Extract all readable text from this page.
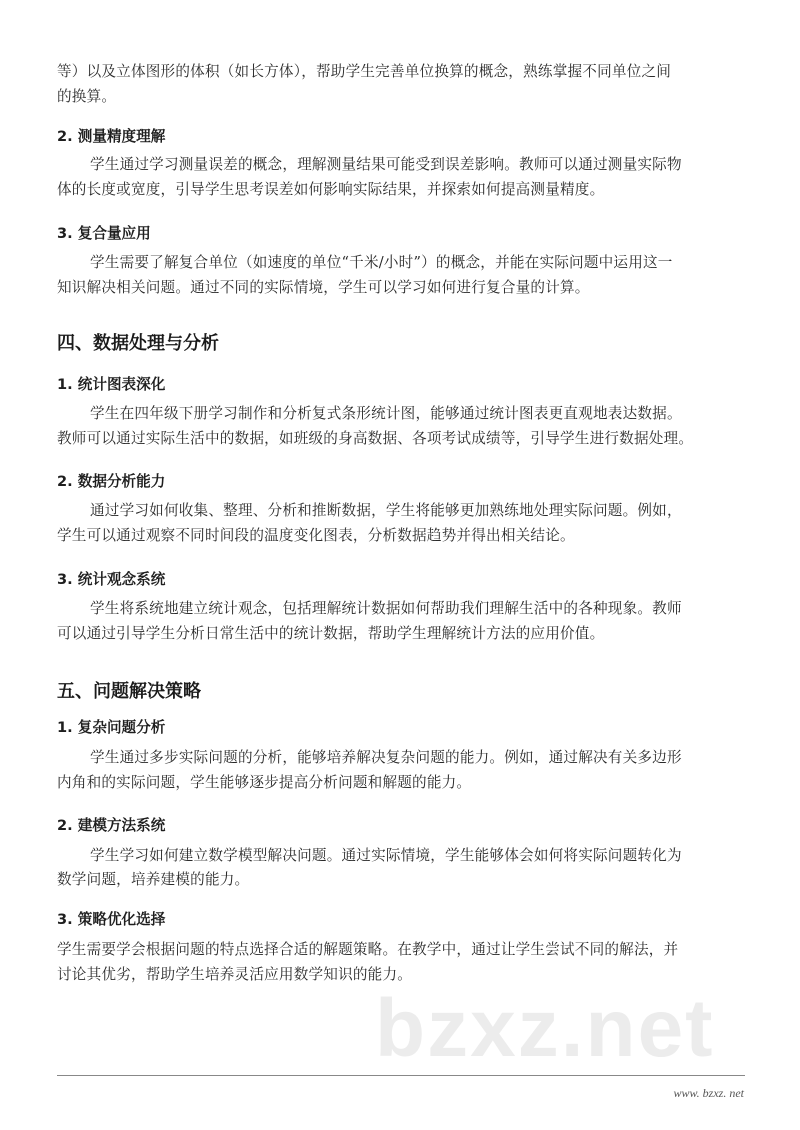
等）以及立体图形的体积（如长方体），帮助学生完善单位换算的概念，熟练掌握不同单位之间
的换算。
2. 测量精度理解
学生通过学习测量误差的概念，理解测量结果可能受到误差影响。教师可以通过测量实际物
体的长度或宽度，引导学生思考误差如何影响实际结果，并探索如何提高测量精度。
3. 复合量应用
学生需要了解复合单位（如速度的单位“千米/小时”）的概念，并能在实际问题中运用这一
知识解决相关问题。通过不同的实际情境，学生可以学习如何进行复合量的计算。
四、数据处理与分析
1. 统计图表深化
学生在四年级下册学习制作和分析复式条形统计图，能够通过统计图表更直观地表达数据。
教师可以通过实际生活中的数据，如班级的身高数据、各项考试成绩等，引导学生进行数据处理。
2. 数据分析能力
通过学习如何收集、整理、分析和推断数据，学生将能够更加熟练地处理实际问题。例如，
学生可以通过观察不同时间段的温度变化图表，分析数据趋势并得出相关结论。
3. 统计观念系统
学生将系统地建立统计观念，包括理解统计数据如何帮助我们理解生活中的各种现象。教师
可以通过引导学生分析日常生活中的统计数据，帮助学生理解统计方法的应用价值。
五、问题解决策略
1. 复杂问题分析
学生通过多步实际问题的分析，能够培养解决复杂问题的能力。例如，通过解决有关多边形
内角和的实际问题，学生能够逐步提高分析问题和解题的能力。
2. 建模方法系统
学生学习如何建立数学模型解决问题。通过实际情境，学生能够体会如何将实际问题转化为
数学问题，培养建模的能力。
3. 策略优化选择
学生需要学会根据问题的特点选择合适的解题策略。在教学中，通过让学生尝试不同的解法，并
讨论其优劣，帮助学生培养灵活应用数学知识的能力。
bzxz.net
www. bzxz. net
